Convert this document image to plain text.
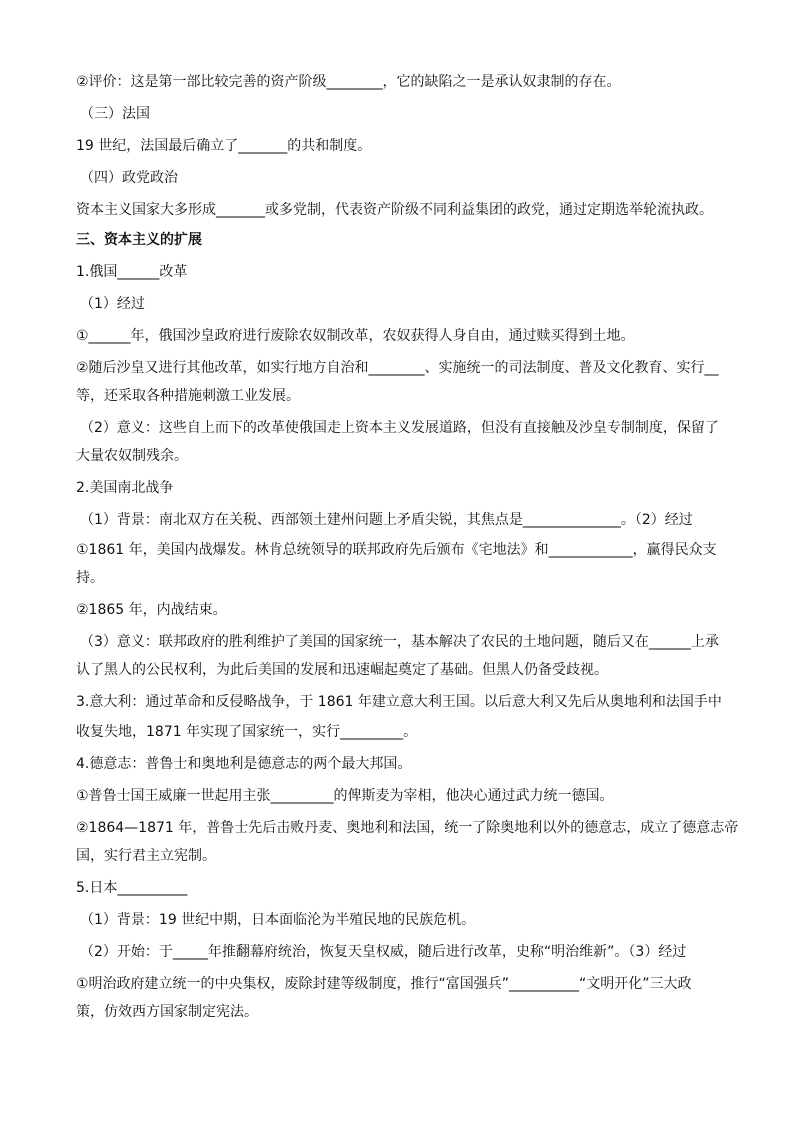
②评价：这是第一部比较完善的资产阶级________，它的缺陷之一是承认奴隶制的存在。
（三）法国
19 世纪，法国最后确立了_______的共和制度。
（四）政党政治
资本主义国家大多形成_______或多党制，代表资产阶级不同利益集团的政党，通过定期选举轮流执政。
三、资本主义的扩展
1.俄国______改革
（1）经过
①______年，俄国沙皇政府进行废除农奴制改革，农奴获得人身自由，通过赎买得到土地。
②随后沙皇又进行其他改革，如实行地方自治和________、实施统一的司法制度、普及文化教育、实行__
等，还采取各种措施刺激工业发展。
（2）意义：这些自上而下的改革使俄国走上资本主义发展道路，但没有直接触及沙皇专制制度，保留了
大量农奴制残余。
2.美国南北战争
（1）背景：南北双方在关税、西部领土建州问题上矛盾尖锐，其焦点是______________。（2）经过
①1861 年，美国内战爆发。林肯总统领导的联邦政府先后颁布《宅地法》和____________，赢得民众支
持。
②1865 年，内战结束。
（3）意义：联邦政府的胜利维护了美国的国家统一，基本解决了农民的土地问题，随后又在______上承
认了黑人的公民权利，为此后美国的发展和迅速崛起奠定了基础。但黑人仍备受歧视。
3.意大利：通过革命和反侵略战争，于 1861 年建立意大利王国。以后意大利又先后从奥地利和法国手中
收复失地，1871 年实现了国家统一，实行_________。
4.德意志：普鲁士和奥地利是德意志的两个最大邦国。
①普鲁士国王威廉一世起用主张_________的俾斯麦为宰相，他决心通过武力统一德国。
②1864—1871 年，普鲁士先后击败丹麦、奥地利和法国，统一了除奥地利以外的德意志，成立了德意志帝
国，实行君主立宪制。
5.日本__________
（1）背景：19 世纪中期，日本面临沦为半殖民地的民族危机。
（2）开始：于_____年推翻幕府统治，恢复天皇权威，随后进行改革，史称“明治维新”。（3）经过
①明治政府建立统一的中央集权，废除封建等级制度，推行“富国强兵”__________“文明开化”三大政
策，仿效西方国家制定宪法。
